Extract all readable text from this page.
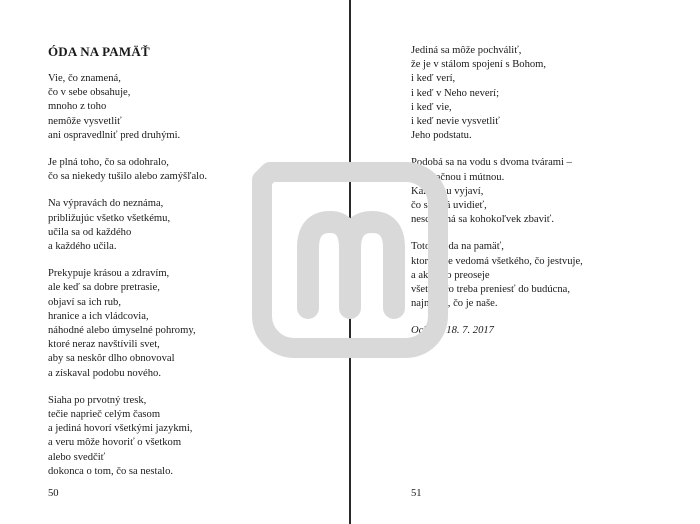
ÓDA NA PAMÄŤ
Vie, čo znamená,
čo v sebe obsahuje,
mnoho z toho
nemôže vysvetliť
ani ospravedlniť pred druhými.
Je plná toho, čo sa odohralo,
čo sa niekedy tušilo alebo zamýšľalo.
Na výpravách do neznáma,
približujúc všetko všetkému,
učila sa od každého
a každého učila.
Prekypuje krásou a zdravím,
ale keď sa dobre pretrasie,
objaví sa ich rub,
hranice a ich vládcovia,
náhodné alebo úmyselné pohromy,
ktoré neraz navštívili svet,
aby sa neskôr dlho obnovoval
a získaval podobu nového.
Siaha po prvotný tresk,
tečie naprieč celým časom
a jediná hovorí všetkými jazykmi,
a veru môže hovoriť o všetkom
alebo svedčiť
dokonca o tom, čo sa nestalo.
50
Jediná sa môže pochváliť,
že je v stálom spojení s Bohom,
i keď verí,
i keď v Neho neverí;
i keď vie,
i keď nevie vysvetliť
Jeho podstatu.
Podobá sa na vodu s dvoma tvárami –
priezračnou i mútnou.
Každému vyjaví,
čo si želá uvidieť,
neschopná sa kohokoľvek zbaviť.
Toto je óda na pamäť,
ktorá si je vedomá všetkého, čo jestvuje,
a ako sito preoseje
všetko, čo treba preniesť do budúcna,
najmä to, čo je naše.
Ochrid, 18. 7. 2017
51
